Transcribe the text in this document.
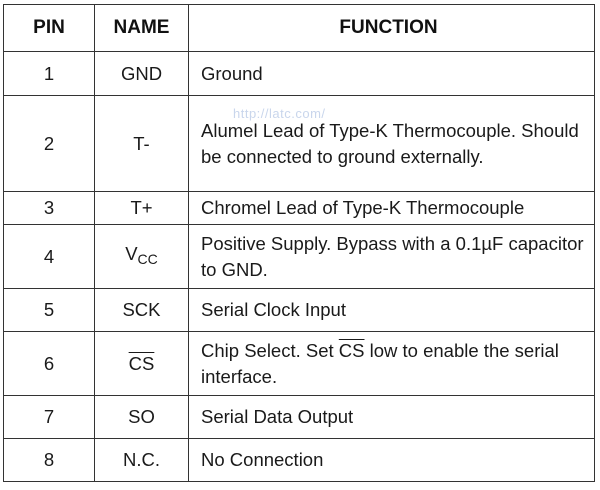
PIN	NAME	FUNCTION
1	GND	Ground
2	T-	Alumel Lead of Type-K Thermocouple. Should be connected to ground externally.
3	T+	Chromel Lead of Type-K Thermocouple
4	$V_{CC}$	Positive Supply. Bypass with a 0.1µF capacitor to GND.
5	SCK	Serial Clock Input
6	$\overline{CS}$	Chip Select. Set $\overline{CS}$ low to enable the serial interface.
7	SO	Serial Data Output
8	N.C.	No Connection
http://latc.com/
